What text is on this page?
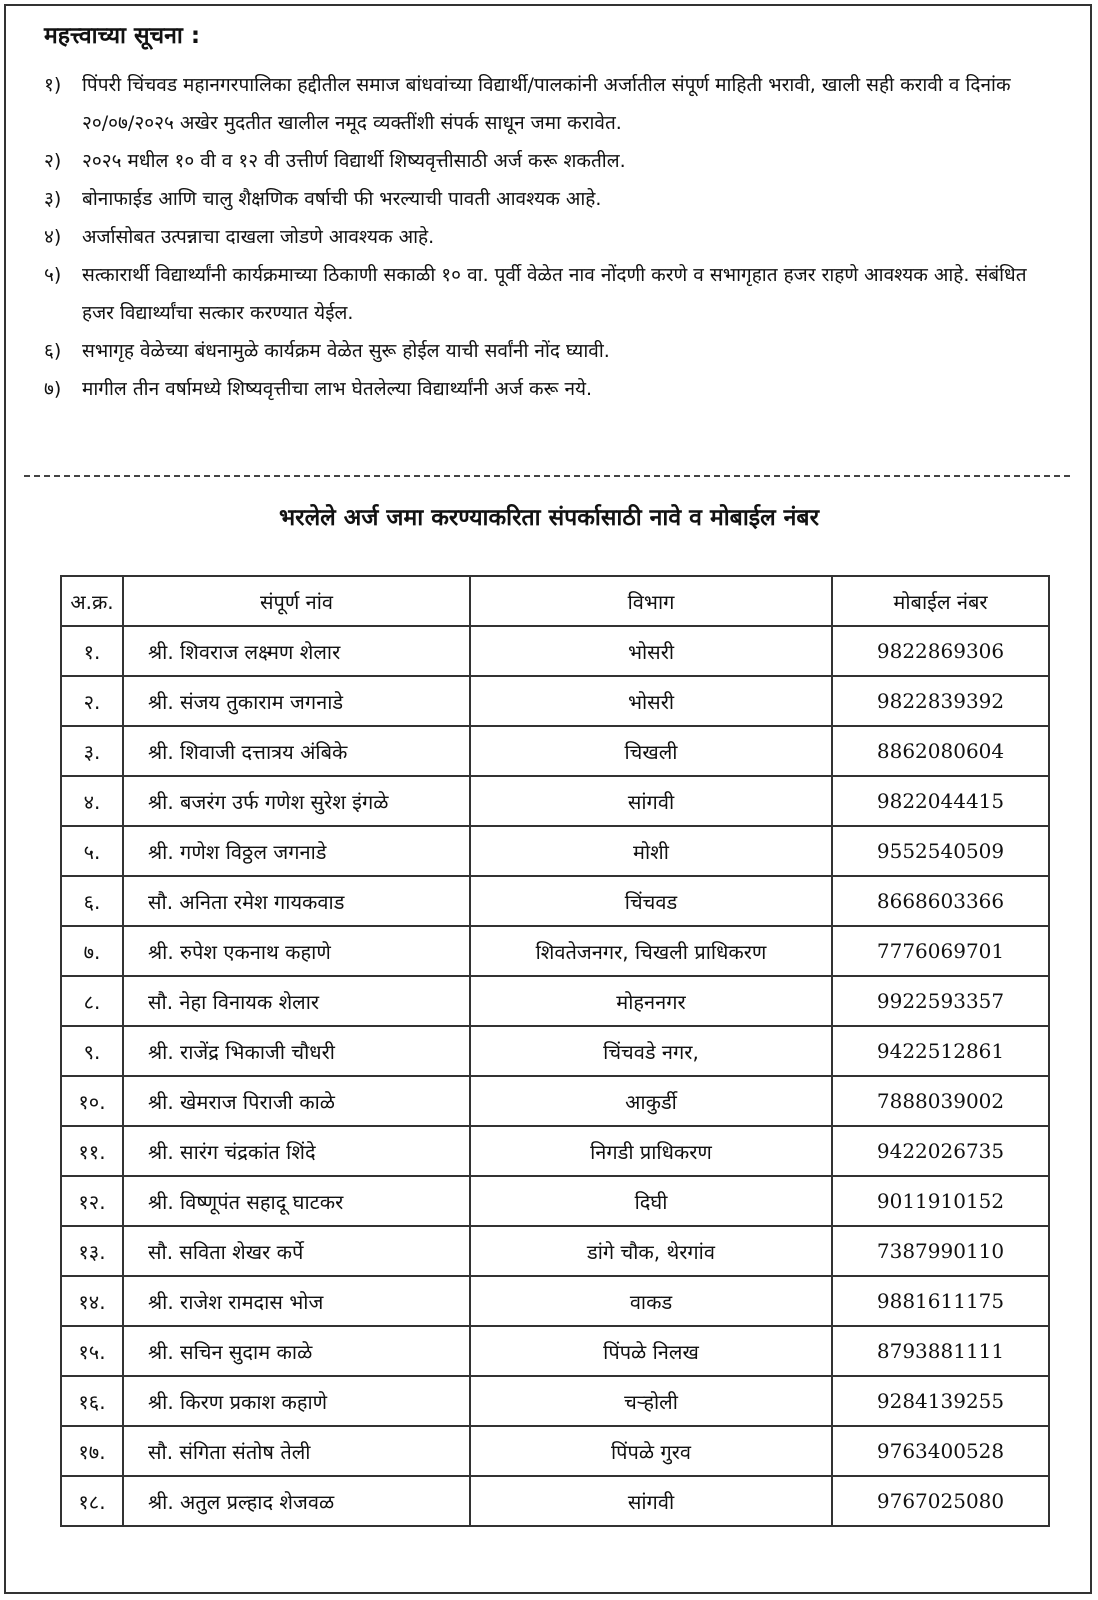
महत्त्वाच्या सूचना :
१)	पिंपरी चिंचवड महानगरपालिका हद्दीतील समाज बांधवांच्या विद्यार्थी/पालकांनी अर्जातील संपूर्ण माहिती भरावी, खाली सही करावी व दिनांक २०/०७/२०२५ अखेर मुदतीत खालील नमूद व्यक्तींशी संपर्क साधून जमा करावेत.
२)	२०२५ मधील १० वी व १२ वी उत्तीर्ण विद्यार्थी शिष्यवृत्तीसाठी अर्ज करू शकतील.
३)	बोनाफाईड आणि चालु शैक्षणिक वर्षाची फी भरल्याची पावती आवश्यक आहे.
४)	अर्जासोबत उत्पन्नाचा दाखला जोडणे आवश्यक आहे.
५)	सत्कारार्थी विद्यार्थ्यांनी कार्यक्रमाच्या ठिकाणी सकाळी १० वा. पूर्वी वेळेत नाव नोंदणी करणे व सभागृहात हजर राहणे आवश्यक आहे. संबंधित हजर विद्यार्थ्यांचा सत्कार करण्यात येईल.
६)	सभागृह वेळेच्या बंधनामुळे कार्यक्रम वेळेत सुरू होईल याची सर्वांनी नोंद घ्यावी.
७)	मागील तीन वर्षामध्ये शिष्यवृत्तीचा लाभ घेतलेल्या विद्यार्थ्यांनी अर्ज करू नये.
भरलेले अर्ज जमा करण्याकरिता संपर्कासाठी नावे व मोबाईल नंबर
अ.क्र.	संपूर्ण नांव	विभाग	मोबाईल नंबर
१.	श्री. शिवराज लक्ष्मण शेलार	भोसरी	9822869306
२.	श्री. संजय तुकाराम जगनाडे	भोसरी	9822839392
३.	श्री. शिवाजी दत्तात्रय अंबिके	चिखली	8862080604
४.	श्री. बजरंग उर्फ गणेश सुरेश इंगळे	सांगवी	9822044415
५.	श्री. गणेश विठ्ठल जगनाडे	मोशी	9552540509
६.	सौ. अनिता रमेश गायकवाड	चिंचवड	8668603366
७.	श्री. रुपेश एकनाथ कहाणे	शिवतेजनगर, चिखली प्राधिकरण	7776069701
८.	सौ. नेहा विनायक शेलार	मोहननगर	9922593357
९.	श्री. राजेंद्र भिकाजी चौधरी	चिंचवडे नगर,	9422512861
१०.	श्री. खेमराज पिराजी काळे	आकुर्डी	7888039002
११.	श्री. सारंग चंद्रकांत शिंदे	निगडी प्राधिकरण	9422026735
१२.	श्री. विष्णूपंत सहादू घाटकर	दिघी	9011910152
१३.	सौ. सविता शेखर कर्पे	डांगे चौक, थेरगांव	7387990110
१४.	श्री. राजेश रामदास भोज	वाकड	9881611175
१५.	श्री. सचिन सुदाम काळे	पिंपळे निलख	8793881111
१६.	श्री. किरण प्रकाश कहाणे	चऱ्होली	9284139255
१७.	सौ. संगिता संतोष तेली	पिंपळे गुरव	9763400528
१८.	श्री. अतुल प्रल्हाद शेजवळ	सांगवी	9767025080
